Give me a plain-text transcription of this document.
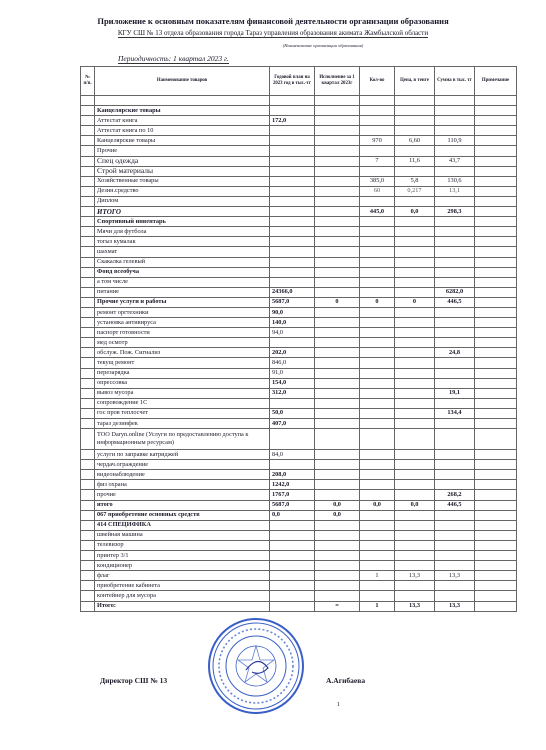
Приложение к основным показателям финансовой деятельности организации образования
КГУ СШ № 13 отдела образования города Тараз управления образования акимата Жамбылской области
(Наименование организации образования)
Периодичность: 1 квартал 2023 г.
№ п/п.	Наименование товаров	Годовой план на 2023 год в тыс.-тг	Исполнение за 1 квартал 2023г	Кол-во	Цена, в тенге	Сумма в тыс. тг	Примечание

	Канцелярские товары						
	Аттестат книга	172,0					
	Аттестат книга по 10						
	Канцелярские товары			970	6,60	110,9	
	Прочие						
	Спец одежда			7	11,6	43,7	
	Строй материалы						
	Хозяйственные товары			385,0	5,8	130,6	
	Дезин.средство			60	0,217	13,1	
	Диплом						
	ИТОГО			445,0	0,0	298,3	
	Спортивный инвентарь						
	Мячи для футбола						
	тогыз кумалак						
	шахмат						
	Скакалка гелевый						
	Фонд всеобуча						
	а том числе						
	питание	24366,0				6282,0	
	Прочие услуги и работы	5687,0	0	0	0	446,5	
	ремонт оргтехники	90,0					
	установка антивируса	140,0					
	паспорт готовности	94,0					
	мед осмотр						
	обслуж. Пож. Сигнализ	202,0				24,8	
	текущ ремонт	846,0					
	перезарядка	91,0					
	опрессовка	154,0					
	вывоз мусора	312,0				19,1	
	сопровождение 1С						
	гос пров теплосчет	50,0				134,4	
	тараз дезинфек	407,0					
	ТОО Daryn.online (Услуги по предоставлению доступа к информационным ресурсам)						
	услуги по заправке катриджей	84,0					
	чердач.ограждение						
	видеонаблюдение	208,0					
	физ охрана	1242,0					
	прочие	1767,0				268,2	
	итого	5687,0	0,0	0,0	0,0	446,5	
	067 приобретение основных средств	0,0	0,0				
	414 СПЕЦИФИКА						
	швейная машина						
	телевизор						
	принтер 3/1						
	кондиционер						
	флаг			1	13,3	13,3	
	приобретение кабинета						
	контейнер для мусора						
	Итого:		=	1	13,3	13,3	
Директор СШ № 13	А.Агибаева
1
